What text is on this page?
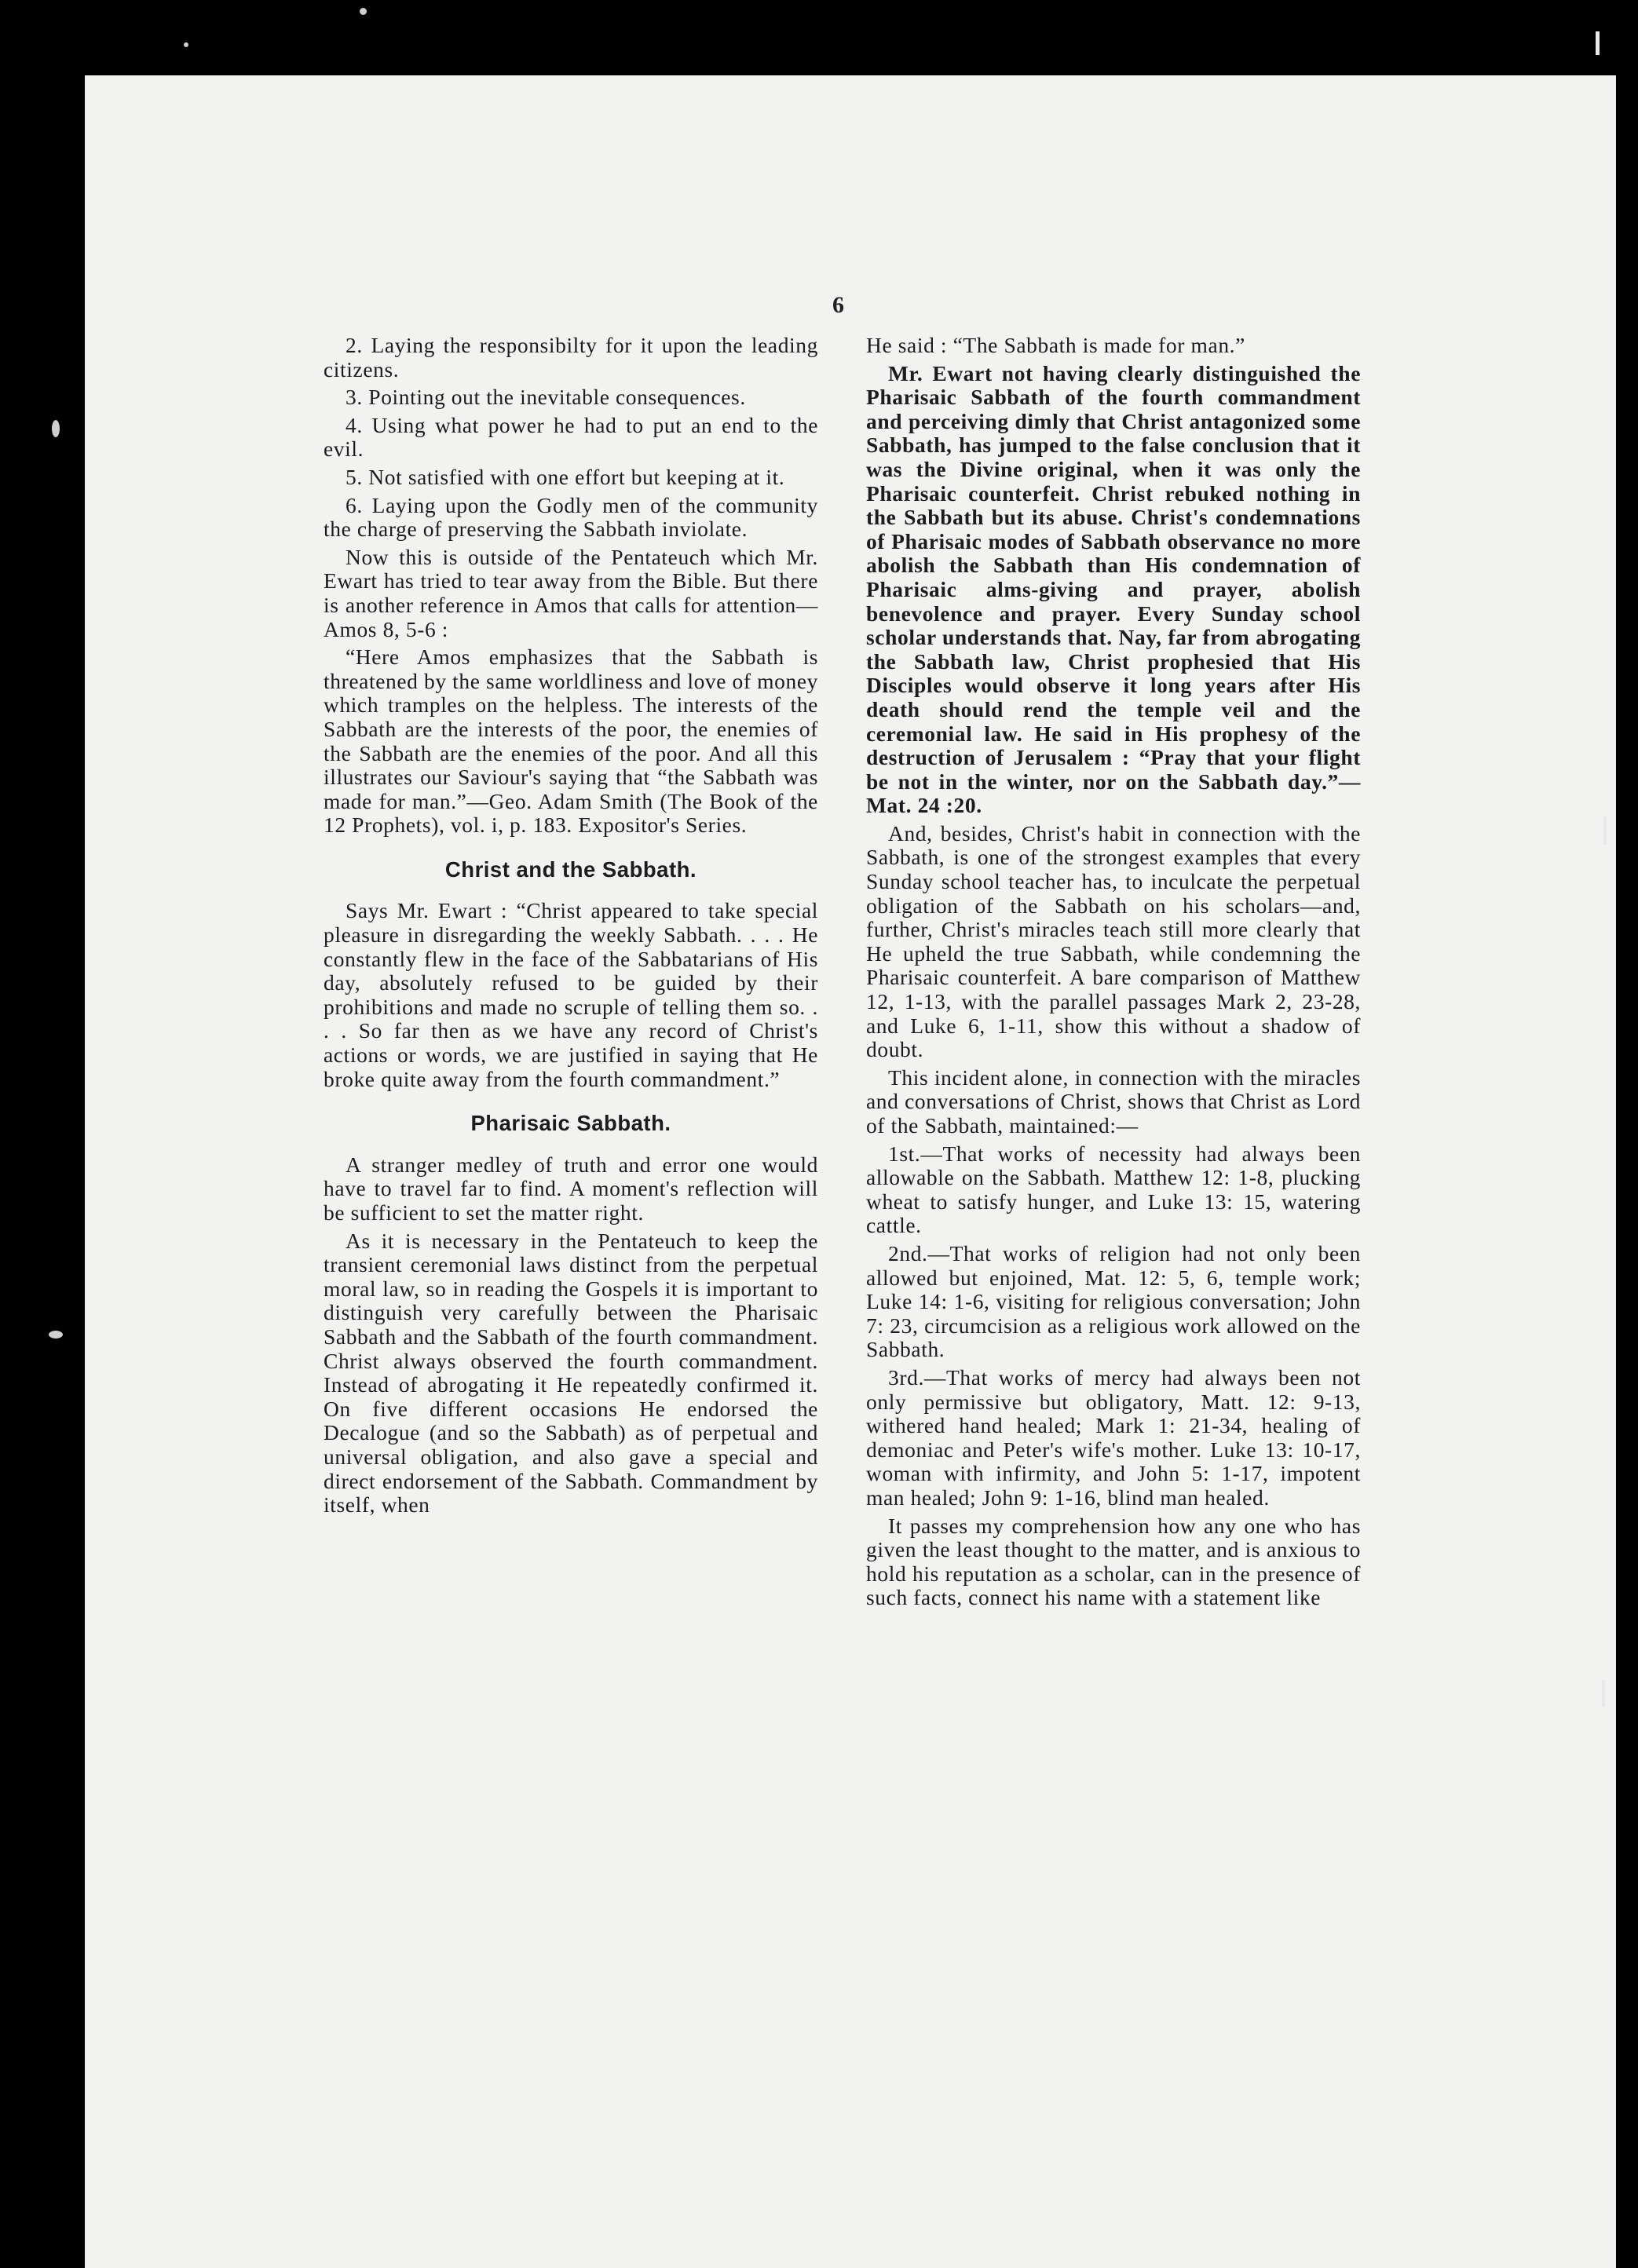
6

2. Laying the responsibilty for it upon the leading citizens.

3. Pointing out the inevitable consequences.

4. Using what power he had to put an end to the evil.

5. Not satisfied with one effort but keeping at it.

6. Laying upon the Godly men of the community the charge of preserving the Sabbath inviolate.

Now this is outside of the Pentateuch which Mr. Ewart has tried to tear away from the Bible. But there is another reference in Amos that calls for attention—Amos 8, 5-6 :

“Here Amos emphasizes that the Sabbath is threatened by the same worldliness and love of money which tramples on the helpless. The interests of the Sabbath are the interests of the poor, the enemies of the Sabbath are the enemies of the poor. And all this illustrates our Saviour's saying that “the Sabbath was made for man.”—Geo. Adam Smith (The Book of the 12 Prophets), vol. i, p. 183. Expositor's Series.

Christ and the Sabbath.

Says Mr. Ewart : “Christ appeared to take special pleasure in disregarding the weekly Sabbath. . . . He constantly flew in the face of the Sabbatarians of His day, absolutely refused to be guided by their prohibitions and made no scruple of telling them so. . . . So far then as we have any record of Christ's actions or words, we are justified in saying that He broke quite away from the fourth commandment.”

Pharisaic Sabbath.

A stranger medley of truth and error one would have to travel far to find. A moment's reflection will be sufficient to set the matter right.

As it is necessary in the Pentateuch to keep the transient ceremonial laws distinct from the perpetual moral law, so in reading the Gospels it is important to distinguish very carefully between the Pharisaic Sabbath and the Sabbath of the fourth commandment. Christ always observed the fourth commandment. Instead of abrogating it He repeatedly confirmed it. On five different occasions He endorsed the Decalogue (and so the Sabbath) as of perpetual and universal obligation, and also gave a special and direct endorsement of the Sabbath. Commandment by itself, when

He said : “The Sabbath is made for man.”

Mr. Ewart not having clearly distinguished the Pharisaic Sabbath of the fourth commandment and perceiving dimly that Christ antagonized some Sabbath, has jumped to the false conclusion that it was the Divine original, when it was only the Pharisaic counterfeit. Christ rebuked nothing in the Sabbath but its abuse. Christ's condemnations of Pharisaic modes of Sabbath observance no more abolish the Sabbath than His condemnation of Pharisaic alms-giving and prayer, abolish benevolence and prayer. Every Sunday school scholar understands that. Nay, far from abrogating the Sabbath law, Christ prophesied that His Disciples would observe it long years after His death should rend the temple veil and the ceremonial law. He said in His prophesy of the destruction of Jerusalem : “Pray that your flight be not in the winter, nor on the Sabbath day.”—Mat. 24 :20.

And, besides, Christ's habit in connection with the Sabbath, is one of the strongest examples that every Sunday school teacher has, to inculcate the perpetual obligation of the Sabbath on his scholars—and, further, Christ's miracles teach still more clearly that He upheld the true Sabbath, while condemning the Pharisaic counterfeit. A bare comparison of Matthew 12, 1-13, with the parallel passages Mark 2, 23-28, and Luke 6, 1-11, show this without a shadow of doubt.

This incident alone, in connection with the miracles and conversations of Christ, shows that Christ as Lord of the Sabbath, maintained:—

1st.—That works of necessity had always been allowable on the Sabbath. Matthew 12: 1-8, plucking wheat to satisfy hunger, and Luke 13: 15, watering cattle.

2nd.—That works of religion had not only been allowed but enjoined, Mat. 12: 5, 6, temple work; Luke 14: 1-6, visiting for religious conversation; John 7: 23, circumcision as a religious work allowed on the Sabbath.

3rd.—That works of mercy had always been not only permissive but obligatory, Matt. 12: 9-13, withered hand healed; Mark 1: 21-34, healing of demoniac and Peter's wife's mother. Luke 13: 10-17, woman with infirmity, and John 5: 1-17, impotent man healed; John 9: 1-16, blind man healed.

It passes my comprehension how any one who has given the least thought to the matter, and is anxious to hold his reputation as a scholar, can in the presence of such facts, connect his name with a statement like
